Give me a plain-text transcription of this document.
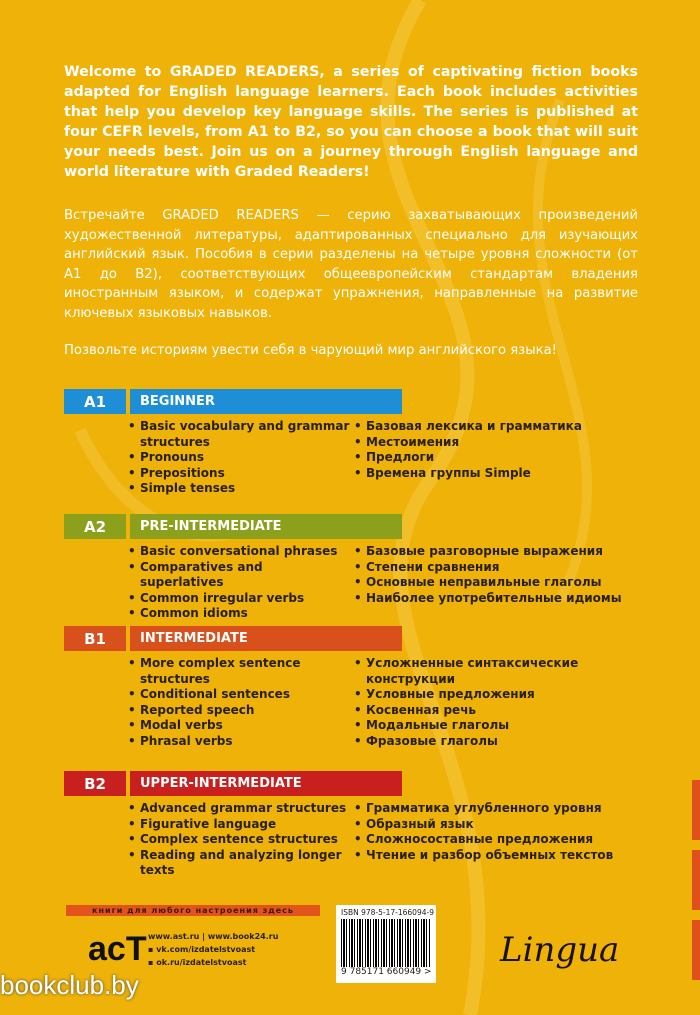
Welcome to GRADED READERS, a series of captivating fiction books adapted for English language learners. Each book includes activities that help you develop key language skills. The series is published at four CEFR levels, from A1 to B2, so you can choose a book that will suit your needs best. Join us on a journey through English language and world literature with Graded Readers!

Встречайте GRADED READERS — серию захватывающих произведений художественной литературы, адаптированных специально для изучающих английский язык. Пособия в серии разделены на четыре уровня сложности (от А1 до В2), соответствующих общеевропейским стандартам владения иностранным языком, и содержат упражнения, направленные на развитие ключевых языковых навыков.

Позвольте историям увести себя в чарующий мир английского языка!

A1	BEGINNER
• Basic vocabulary and grammar structures
• Pronouns
• Prepositions
• Simple tenses
• Базовая лексика и грамматика
• Местоимения
• Предлоги
• Времена группы Simple
A2	PRE-INTERMEDIATE
• Basic conversational phrases
• Comparatives and superlatives
• Common irregular verbs
• Common idioms
• Базовые разговорные выражения
• Степени сравнения
• Основные неправильные глаголы
• Наиболее употребительные идиомы
B1	INTERMEDIATE
• More complex sentence structures
• Conditional sentences
• Reported speech
• Modal verbs
• Phrasal verbs
• Усложненные синтаксические конструкции
• Условные предложения
• Косвенная речь
• Модальные глаголы
• Фразовые глаголы
B2	UPPER-INTERMEDIATE
• Advanced grammar structures
• Figurative language
• Complex sentence structures
• Reading and analyzing longer texts
• Грамматика углубленного уровня
• Образный язык
• Сложносоставные предложения
• Чтение и разбор объемных текстов
книги для любого настроения здесь
acT www.ast.ru | www.book24.ru
▪ vk.com/izdatelstvoast
▪ ok.ru/izdatelstvoast
ISBN 978-5-17-166094-9
9 785171 660949 >
Lingua
bookclub.by
